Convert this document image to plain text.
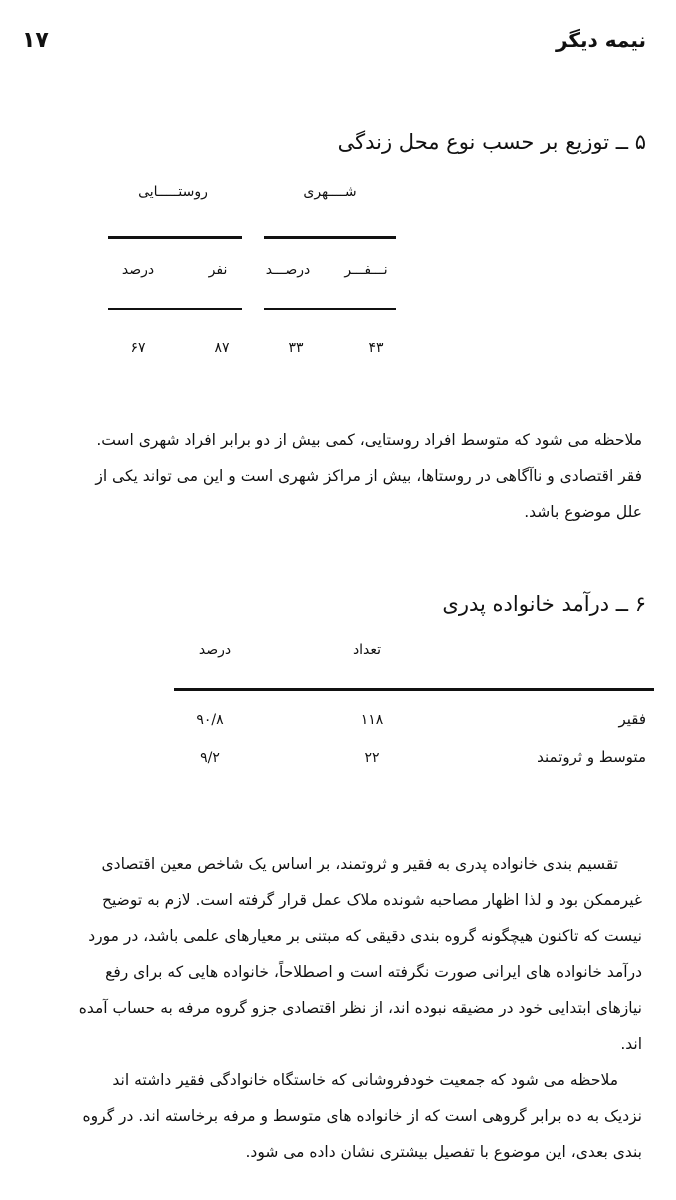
نیمه دیگر
۱۷
۵ ــ توزیع بر حسب نوع محل زندگی
شــــهری
روستـــــایی
نـــفـــر
درصـــد
نفر
درصد
۴۳
۳۳
۸۷
۶۷
ملاحظه می شود که متوسط افراد روستایی، کمی بیش از دو برابر افراد شهری است.
فقر اقتصادی و ناآگاهی در روستاها، بیش از مراکز شهری است و این می تواند یکی از
علل موضوع باشد.
۶ ــ درآمد خانواده پدری
تعداد
درصد
فقیر
۱۱۸
۹۰/۸
متوسط و ثروتمند
۲۲
۹/۲
تقسیم بندی خانواده پدری به فقیر و ثروتمند، بر اساس یک شاخص معین اقتصادی
غیرممکن بود و لذا اظهار مصاحبه شونده ملاک عمل قرار گرفته است. لازم به توضیح
نیست که تاکنون هیچگونه گروه بندی دقیقی که مبتنی بر معیارهای علمی باشد، در مورد
درآمد خانواده های ایرانی صورت نگرفته است و اصطلاحاً، خانواده هایی که برای رفع
نیازهای ابتدایی خود در مضیقه نبوده اند، از نظر اقتصادی جزو گروه مرفه به حساب آمده
اند.
ملاحظه می شود که جمعیت خودفروشانی که خاستگاه خانوادگی فقیر داشته اند
نزدیک به ده برابر گروهی است که از خانواده های متوسط و مرفه برخاسته اند. در گروه
بندی بعدی، این موضوع با تفصیل بیشتری نشان داده می شود.
